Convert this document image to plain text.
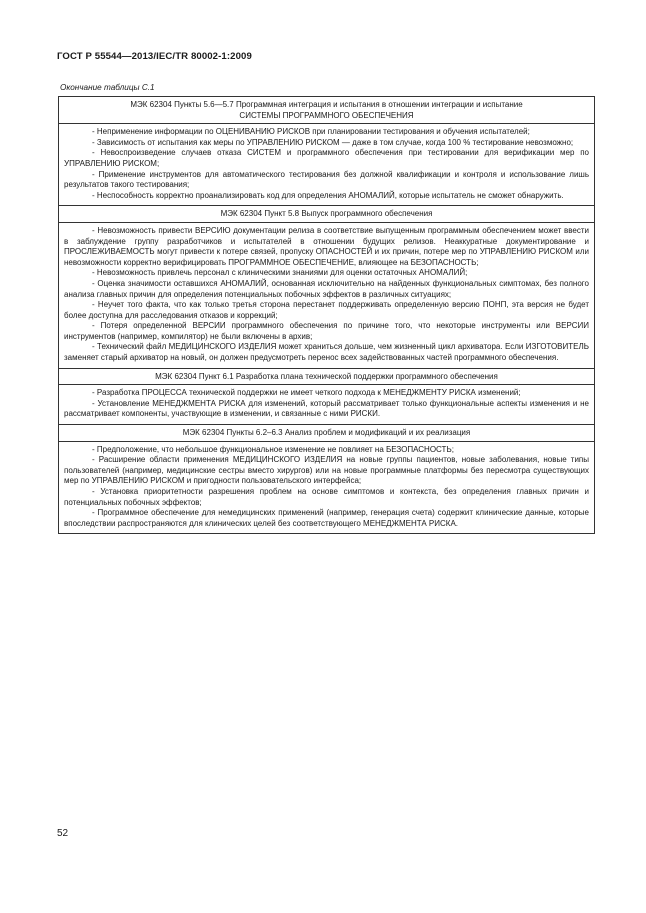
ГОСТ Р 55544—2013/IEC/TR 80002-1:2009
Окончание таблицы С.1
МЭК 62304 Пункты 5.6—5.7 Программная интеграция и испытания в отношении интеграции и испытание
СИСТЕМЫ ПРОГРАММНОГО ОБЕСПЕЧЕНИЯ

- Неприменение информации по ОЦЕНИВАНИЮ РИСКОВ при планировании тестирования и обучения испытателей;

- Зависимость от испытания как меры по УПРАВЛЕНИЮ РИСКОМ — даже в том случае, когда 100 % тестирование невозможно;

- Невоспроизведение случаев отказа СИСТЕМ и программного обеспечения при тестировании для верификации мер по УПРАВЛЕНИЮ РИСКОМ;

- Применение инструментов для автоматического тестирования без должной квалификации и контроля и использование лишь результатов такого тестирования;

- Неспособность корректно проанализировать код для определения АНОМАЛИЙ, которые испытатель не сможет обнаружить.

МЭК 62304 Пункт 5.8 Выпуск программного обеспечения

- Невозможность привести ВЕРСИЮ документации релиза в соответствие выпущенным программным обеспечением может ввести в заблуждение группу разработчиков и испытателей в отношении будущих релизов. Неаккуратные документирование и ПРОСЛЕЖИВАЕМОСТЬ могут привести к потере связей, пропуску ОПАСНОСТЕЙ и их причин, потере мер по УПРАВЛЕНИЮ РИСКОМ или невозможности корректно верифицировать ПРОГРАММНОЕ ОБЕСПЕЧЕНИЕ, влияющее на БЕЗОПАСНОСТЬ;

- Невозможность привлечь персонал с клиническими знаниями для оценки остаточных АНОМАЛИЙ;

- Оценка значимости оставшихся АНОМАЛИЙ, основанная исключительно на найденных функциональных симптомах, без полного анализа главных причин для определения потенциальных побочных эффектов в различных ситуациях;

- Неучет того факта, что как только третья сторона перестанет поддерживать определенную версию ПОНП, эта версия не будет более доступна для расследования отказов и коррекций;

- Потеря определенной ВЕРСИИ программного обеспечения по причине того, что некоторые инструменты или ВЕРСИИ инструментов (например, компилятор) не были включены в архив;

- Технический файл МЕДИЦИНСКОГО ИЗДЕЛИЯ может храниться дольше, чем жизненный цикл архиватора. Если ИЗГОТОВИТЕЛЬ заменяет старый архиватор на новый, он должен предусмотреть перенос всех задействованных частей программного обеспечения.

МЭК 62304 Пункт 6.1 Разработка плана технической поддержки программного обеспечения

- Разработка ПРОЦЕССА технической поддержки не имеет четкого подхода к МЕНЕДЖМЕНТУ РИСКА изменений;

- Установление МЕНЕДЖМЕНТА РИСКА для изменений, который рассматривает только функциональные аспекты изменения и не рассматривает компоненты, участвующие в изменении, и связанные с ними РИСКИ.

МЭК 62304 Пункты 6.2–6.3 Анализ проблем и модификаций и их реализация

- Предположение, что небольшое функциональное изменение не повлияет на БЕЗОПАСНОСТЬ;

- Расширение области применения МЕДИЦИНСКОГО ИЗДЕЛИЯ на новые группы пациентов, новые заболевания, новые типы пользователей (например, медицинские сестры вместо хирургов) или на новые программные платформы без пересмотра существующих мер по УПРАВЛЕНИЮ РИСКОМ и пригодности пользовательского интерфейса;

- Установка приоритетности разрешения проблем на основе симптомов и контекста, без определения главных причин и потенциальных побочных эффектов;

- Программное обеспечение для немедицинских применений (например, генерация счета) содержит клинические данные, которые впоследствии распространяются для клинических целей без соответствующего МЕНЕДЖМЕНТА РИСКА.

52
